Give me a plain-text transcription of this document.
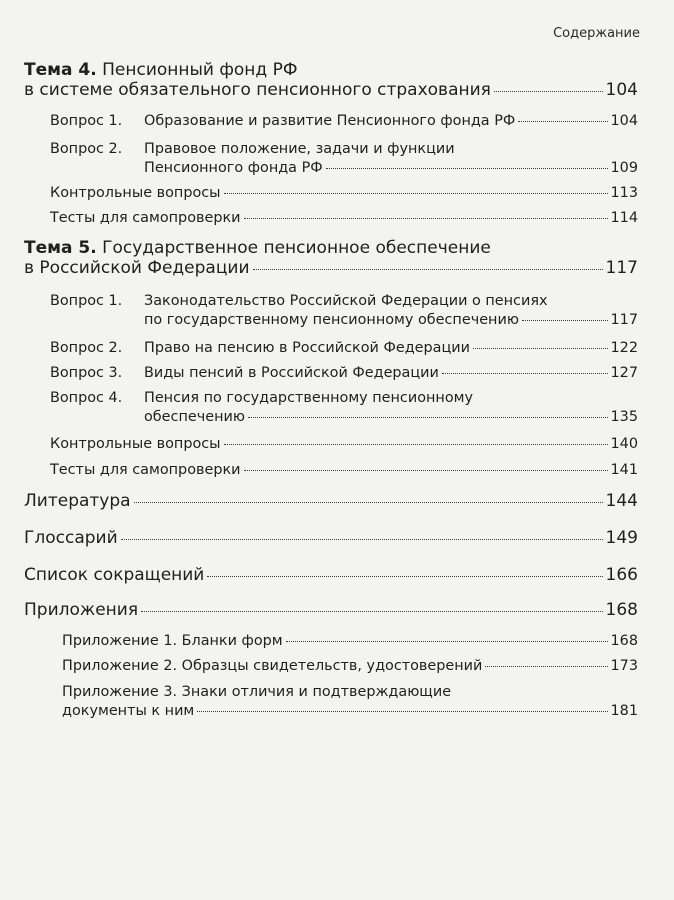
Содержание
Тема 4. Пенсионный фонд РФ
в системе обязательного пенсионного страхования	104
Вопрос 1.	Образование и развитие Пенсионного фонда РФ	104
Вопрос 2. Правовое положение, задачи и функции
Пенсионного фонда РФ	109
Контрольные вопросы	113
Тесты для самопроверки	114
Тема 5. Государственное пенсионное обеспечение
в Российской Федерации	117
Вопрос 1. Законодательство Российской Федерации о пенсиях
по государственному пенсионному обеспечению	117
Вопрос 2.	Право на пенсию в Российской Федерации	122
Вопрос 3.	Виды пенсий в Российской Федерации	127
Вопрос 4. Пенсия по государственному пенсионному
обеспечению	135
Контрольные вопросы	140
Тесты для самопроверки	141
Литература	144
Глоссарий	149
Список сокращений	166
Приложения	168
Приложение 1. Бланки форм	168
Приложение 2. Образцы свидетельств, удостоверений	173
Приложение 3. Знаки отличия и подтверждающие
документы к ним	181
